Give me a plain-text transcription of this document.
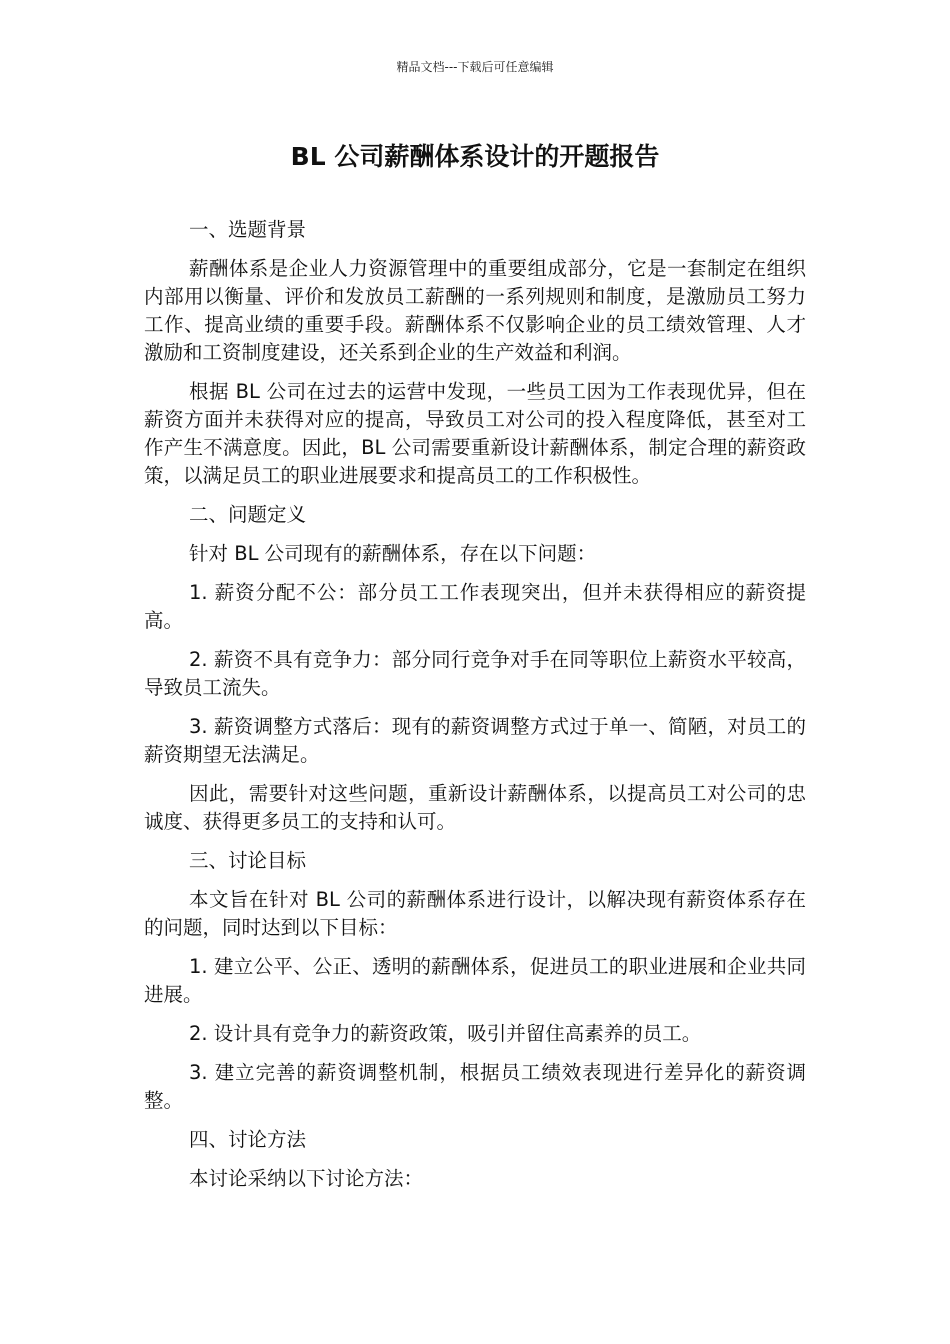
精品文档---下载后可任意编辑
BL 公司薪酬体系设计的开题报告

一、选题背景

薪酬体系是企业人力资源管理中的重要组成部分，它是一套制定在组织内部用以衡量、评价和发放员工薪酬的一系列规则和制度，是激励员工努力工作、提高业绩的重要手段。薪酬体系不仅影响企业的员工绩效管理、人才激励和工资制度建设，还关系到企业的生产效益和利润。

根据 BL 公司在过去的运营中发现，一些员工因为工作表现优异，但在薪资方面并未获得对应的提高，导致员工对公司的投入程度降低，甚至对工作产生不满意度。因此，BL 公司需要重新设计薪酬体系，制定合理的薪资政策，以满足员工的职业进展要求和提高员工的工作积极性。

二、问题定义

针对 BL 公司现有的薪酬体系，存在以下问题：

1. 薪资分配不公：部分员工工作表现突出，但并未获得相应的薪资提高。

2. 薪资不具有竞争力：部分同行竞争对手在同等职位上薪资水平较高，导致员工流失。

3. 薪资调整方式落后：现有的薪资调整方式过于单一、简陋，对员工的薪资期望无法满足。

因此，需要针对这些问题，重新设计薪酬体系，以提高员工对公司的忠诚度、获得更多员工的支持和认可。

三、讨论目标

本文旨在针对 BL 公司的薪酬体系进行设计，以解决现有薪资体系存在的问题，同时达到以下目标：

1. 建立公平、公正、透明的薪酬体系，促进员工的职业进展和企业共同进展。

2. 设计具有竞争力的薪资政策，吸引并留住高素养的员工。

3. 建立完善的薪资调整机制，根据员工绩效表现进行差异化的薪资调整。

四、讨论方法

本讨论采纳以下讨论方法：
